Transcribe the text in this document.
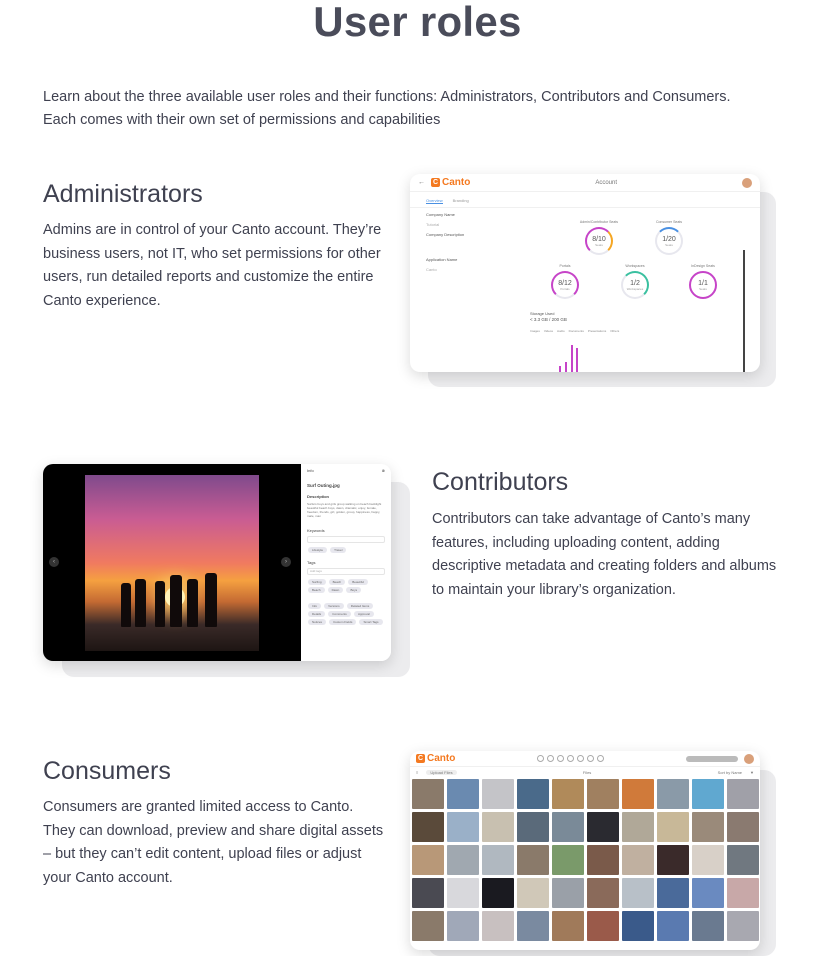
User roles

Learn about the three available user roles and their functions: Administrators, Contributors and Consumers. Each comes with their own set of permissions and capabilities

Administrators

Admins are in control of your Canto account. They’re business users, not IT, who set permissions for other users, run detailed reports and customize the entire Canto experience.

← C Canto	Account
Overview	Branding

Company Name

Tutorial

Company Description

Application Name

Canto

Admin/Contributor Seats
8/10
Seats
Consumer Seats
1/20
Seats
Portals
8/12
Portals
Workspaces
1/2
Workspaces
InDesign Seats
1/1
Seats
Storage Used
< 3.3 GB / 200 GB
Images Videos Audio Documents Presentations Others
‹	›
Info	⊗
Surf Outing.jpg
Description
Surfers boys and girls group walking on beach backlight beautiful beach boys, dawn, dramatic, enjoy, female, freedom, friends, girl, golden, group, happiness, happy, male, man
Keywords
Lifestyle	Travel
Tags
Add tags
Surfing	Beach	Beautiful Beach	Dawn	Boys
Info	Versions	Related Items Details	Comments	Approval Notices	Custom Fields	Smart Tags
Contributors

Contributors can take advantage of Canto’s many features, including uploading content, adding descriptive metadata and creating folders and albums to maintain your library’s organization.

Consumers

Consumers are granted limited access to Canto. They can download, preview and share digital assets – but they can’t edit content, upload files or adjust your Canto account.

C Canto
≡	Upload Files	Files	Sort by Name ▼
